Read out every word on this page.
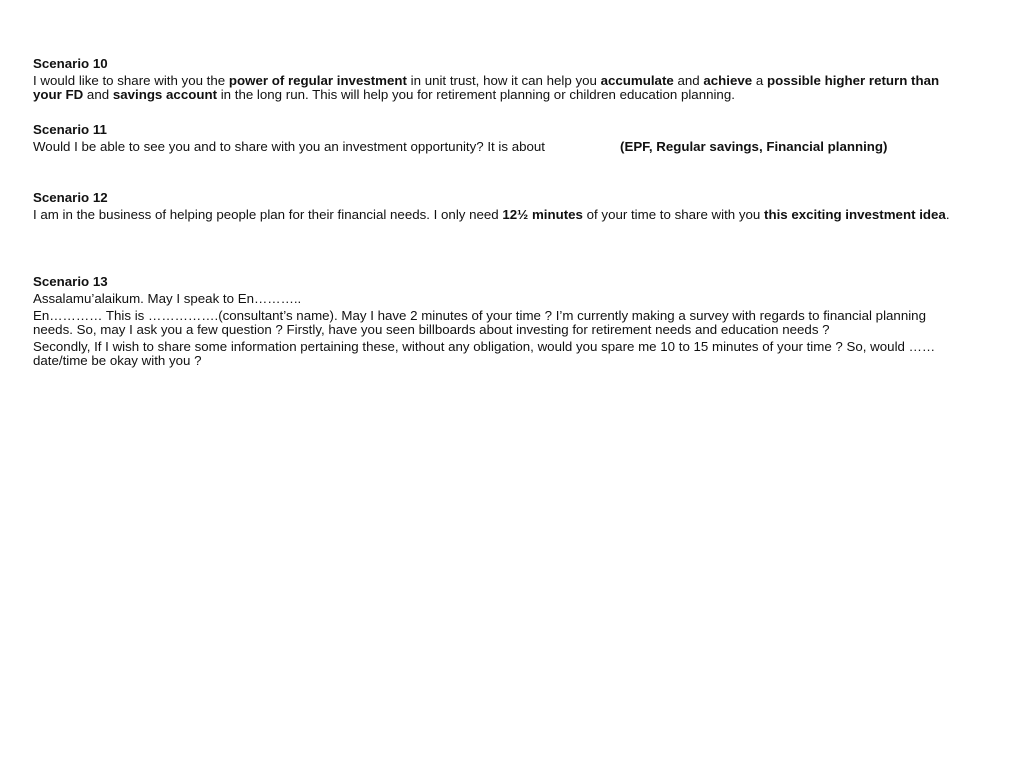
Scenario 10
I would like to share with you the power of regular investment in unit trust, how it can help you accumulate and achieve a possible higher return than your FD and savings account in the long run. This will help you for retirement planning or children education planning.
Scenario 11
Would I be able to see you and to share with you an investment opportunity? It is about	(EPF, Regular savings, Financial planning)
Scenario 12
I am in the business of helping people plan for their financial needs. I only need 12½ minutes of your time to share with you this exciting investment idea.
Scenario 13
Assalamu’alaikum. May I speak to En………..
En………… This is …………….(consultant’s name). May I have 2 minutes of your time ? I’m currently making a survey with regards to financial planning needs. So, may I ask you a few question ? Firstly, have you seen billboards about investing for retirement needs and education needs ?
Secondly, If I wish to share some information pertaining these, without any obligation, would you spare me 10 to 15 minutes of your time ? So, would ……date/time be okay with you ?
